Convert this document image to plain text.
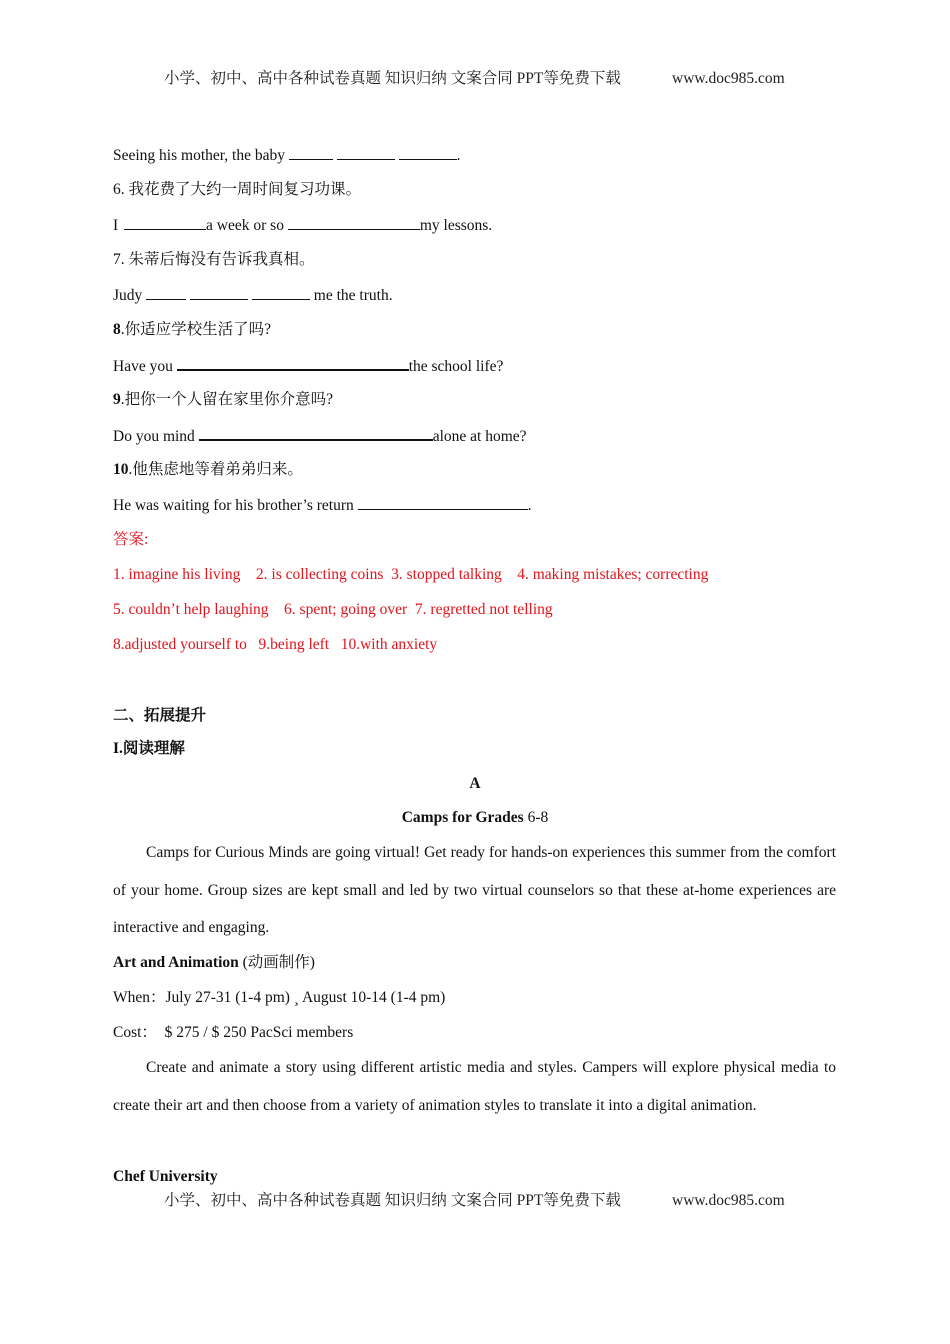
小学、初中、高中各种试卷真题 知识归纳 文案合同 PPT等免费下载	www.doc985.com
Seeing his mother, the baby	.
6. 我花费了大约一周时间复习功课。
I	a week or so	my lessons.
7. 朱蒂后悔没有告诉我真相。
Judy	me the truth.
8.你适应学校生活了吗?
Have you	the school life?
9.把你一个人留在家里你介意吗?
Do you mind	alone at home?
10.他焦虑地等着弟弟归来。
He was waiting for his brother’s return	.
答案:
1. imagine his living    2. is collecting coins  3. stopped talking    4. making mistakes; correcting
5. couldn’t help laughing    6. spent; going over  7. regretted not telling
8.adjusted yourself to   9.being left   10.with anxiety
二、拓展提升
I.阅读理解
A
Camps for Grades 6-8
Camps for Curious Minds are going virtual! Get ready for hands-on experiences this summer from the comfort of your home. Group sizes are kept small and led by two virtual counselors so that these at-home experiences are interactive and engaging.
Art and Animation (动画制作)
When：July 27-31 (1-4 pm) ¸ August 10-14 (1-4 pm)
Cost：  $ 275 / $ 250 PacSci members
Create and animate a story using different artistic media and styles. Campers will explore physical media to create their art and then choose from a variety of animation styles to translate it into a digital animation.
Chef University
小学、初中、高中各种试卷真题 知识归纳 文案合同 PPT等免费下载	www.doc985.com
